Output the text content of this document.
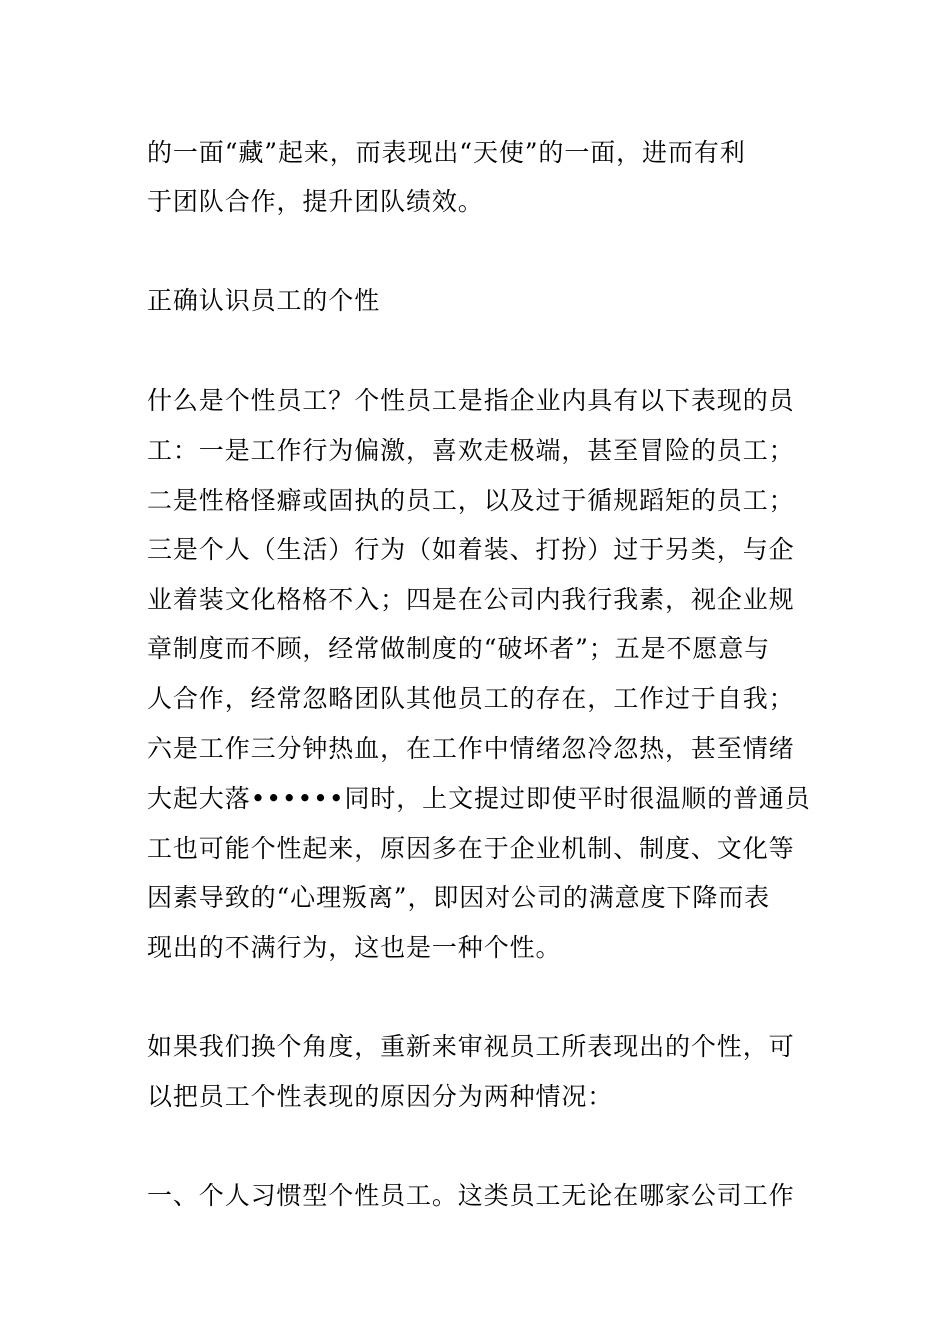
的一面“藏”起来，而表现出“天使”的一面，进而有利
于团队合作，提升团队绩效。
正确认识员工的个性
什么是个性员工？个性员工是指企业内具有以下表现的员
工：一是工作行为偏激，喜欢走极端，甚至冒险的员工；
二是性格怪癖或固执的员工，以及过于循规蹈矩的员工；
三是个人（生活）行为（如着装、打扮）过于另类，与企
业着装文化格格不入；四是在公司内我行我素，视企业规
章制度而不顾，经常做制度的“破坏者”；五是不愿意与
人合作，经常忽略团队其他员工的存在，工作过于自我；
六是工作三分钟热血，在工作中情绪忽冷忽热，甚至情绪
大起大落••••••同时，上文提过即使平时很温顺的普通员
工也可能个性起来，原因多在于企业机制、制度、文化等
因素导致的“心理叛离”，即因对公司的满意度下降而表
现出的不满行为，这也是一种个性。
如果我们换个角度，重新来审视员工所表现出的个性，可
以把员工个性表现的原因分为两种情况：
一、个人习惯型个性员工。这类员工无论在哪家公司工作
